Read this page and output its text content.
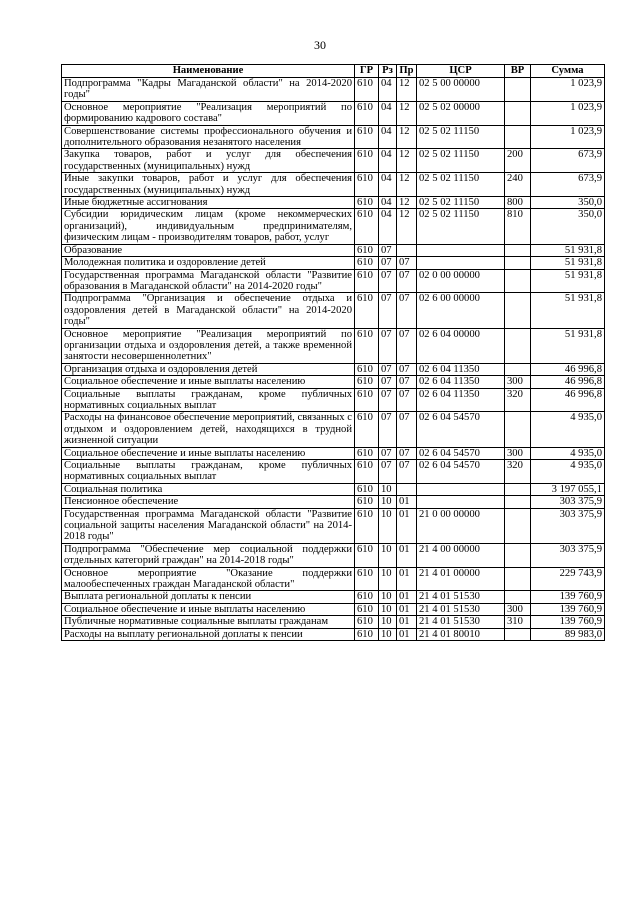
30
Наименование	ГР	Рз	Пр	ЦСР	ВР	Сумма
Подпрограмма "Кадры Магаданской области" на 2014-2020 годы"	610	04	12	02 5 00 00000		1 023,9
Основное мероприятие "Реализация мероприятий по формированию кадрового состава"	610	04	12	02 5 02 00000		1 023,9
Совершенствование системы профессионального обучения и дополнительного образования незанятого населения	610	04	12	02 5 02 11150		1 023,9
Закупка товаров, работ и услуг для обеспечения государственных (муниципальных) нужд	610	04	12	02 5 02 11150	200	673,9
Иные закупки товаров, работ и услуг для обеспечения государственных (муниципальных) нужд	610	04	12	02 5 02 11150	240	673,9
Иные бюджетные ассигнования	610	04	12	02 5 02 11150	800	350,0
Субсидии юридическим лицам (кроме некоммерческих организаций), индивидуальным предпринимателям, физическим лицам - производителям товаров, работ, услуг	610	04	12	02 5 02 11150	810	350,0
Образование	610	07				51 931,8
Молодежная политика и оздоровление детей	610	07	07			51 931,8
Государственная программа Магаданской области "Развитие образования в Магаданской области" на 2014-2020 годы"	610	07	07	02 0 00 00000		51 931,8
Подпрограмма "Организация и обеспечение отдыха и оздоровления детей в Магаданской области" на 2014-2020 годы"	610	07	07	02 6 00 00000		51 931,8
Основное мероприятие "Реализация мероприятий по организации отдыха и оздоровления детей, а также временной занятости несовершеннолетних"	610	07	07	02 6 04 00000		51 931,8
Организация отдыха и оздоровления детей	610	07	07	02 6 04 11350		46 996,8
Социальное обеспечение и иные выплаты населению	610	07	07	02 6 04 11350	300	46 996,8
Социальные выплаты гражданам, кроме публичных нормативных социальных выплат	610	07	07	02 6 04 11350	320	46 996,8
Расходы на финансовое обеспечение мероприятий, связанных с отдыхом и оздоровлением детей, находящихся в трудной жизненной ситуации	610	07	07	02 6 04 54570		4 935,0
Социальное обеспечение и иные выплаты населению	610	07	07	02 6 04 54570	300	4 935,0
Социальные выплаты гражданам, кроме публичных нормативных социальных выплат	610	07	07	02 6 04 54570	320	4 935,0
Социальная политика	610	10				3 197 055,1
Пенсионное обеспечение	610	10	01			303 375,9
Государственная программа Магаданской области "Развитие социальной защиты населения Магаданской области" на 2014-2018 годы"	610	10	01	21 0 00 00000		303 375,9
Подпрограмма "Обеспечение мер социальной поддержки отдельных категорий граждан" на 2014-2018 годы"	610	10	01	21 4 00 00000		303 375,9
Основное мероприятие "Оказание поддержки малообеспеченных граждан Магаданской области"	610	10	01	21 4 01 00000		229 743,9
Выплата региональной доплаты к пенсии	610	10	01	21 4 01 51530		139 760,9
Социальное обеспечение и иные выплаты населению	610	10	01	21 4 01 51530	300	139 760,9
Публичные нормативные социальные выплаты гражданам	610	10	01	21 4 01 51530	310	139 760,9
Расходы на выплату региональной доплаты к пенсии	610	10	01	21 4 01 80010		89 983,0
